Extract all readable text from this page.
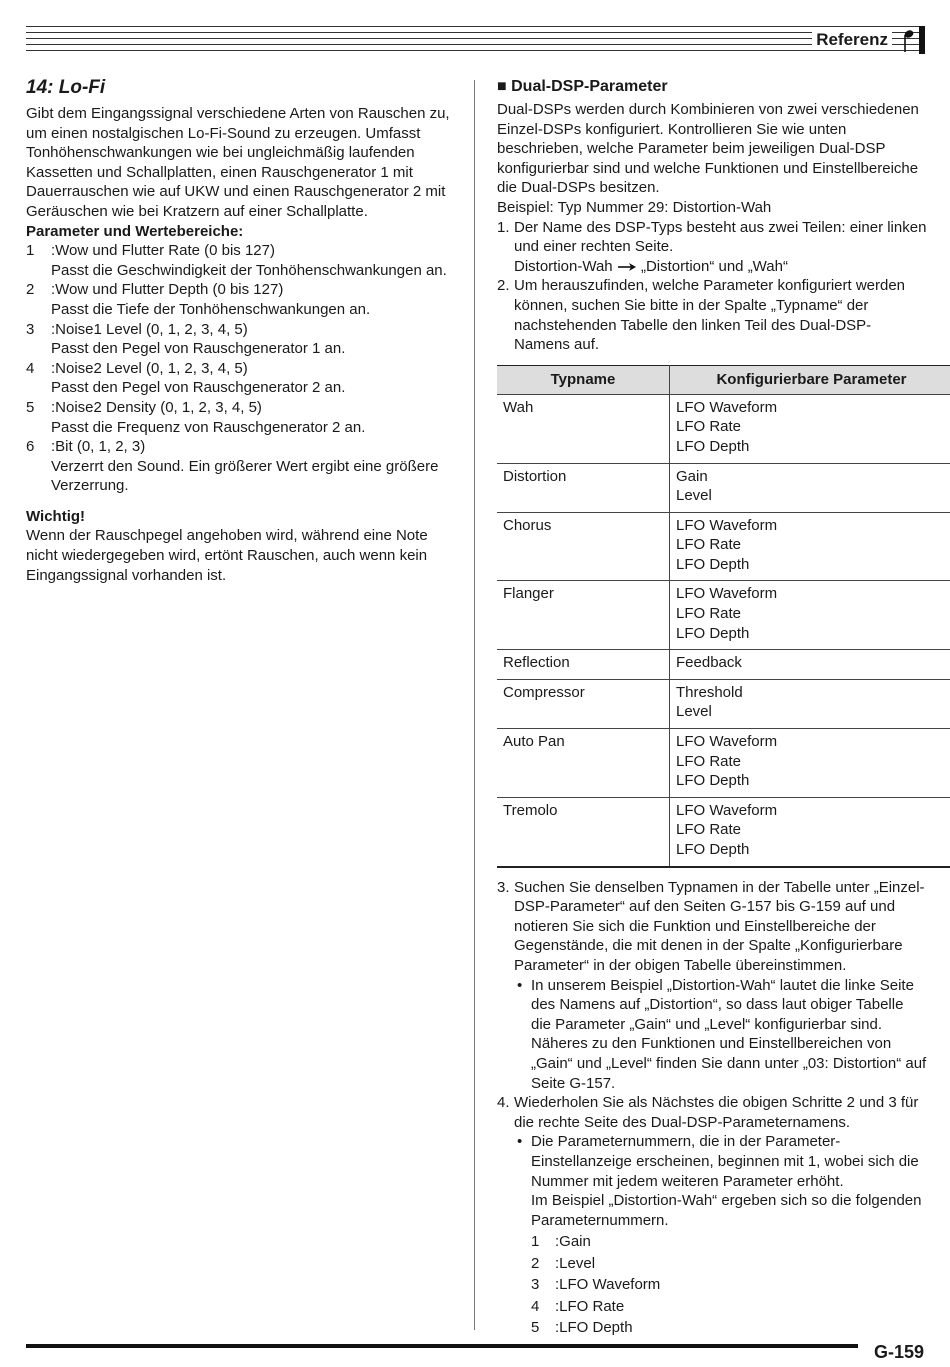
Referenz
14: Lo-Fi

Gibt dem Eingangssignal verschiedene Arten von Rauschen zu, um einen nostalgischen Lo-Fi-Sound zu erzeugen. Umfasst Tonhöhenschwankungen wie bei ungleichmäßig laufenden Kassetten und Schallplatten, einen Rauschgenerator 1 mit Dauerrauschen wie auf UKW und einen Rauschgenerator 2 mit Geräuschen wie bei Kratzern auf einer Schallplatte.

Parameter und Wertebereiche:

1	:Wow und Flutter Rate (0 bis 127)
Passt die Geschwindigkeit der Tonhöhenschwankungen an.
2	:Wow und Flutter Depth (0 bis 127)
Passt die Tiefe der Tonhöhenschwankungen an.
3	:Noise1 Level (0, 1, 2, 3, 4, 5)
Passt den Pegel von Rauschgenerator 1 an.
4	:Noise2 Level (0, 1, 2, 3, 4, 5)
Passt den Pegel von Rauschgenerator 2 an.
5	:Noise2 Density (0, 1, 2, 3, 4, 5)
Passt die Frequenz von Rauschgenerator 2 an.
6	:Bit (0, 1, 2, 3)
Verzerrt den Sound. Ein größerer Wert ergibt eine größere Verzerrung.

Wichtig!

Wenn der Rauschpegel angehoben wird, während eine Note nicht wiedergegeben wird, ertönt Rauschen, auch wenn kein Eingangssignal vorhanden ist.

■ Dual-DSP-Parameter

Dual-DSPs werden durch Kombinieren von zwei verschiedenen Einzel-DSPs konfiguriert. Kontrollieren Sie wie unten beschrieben, welche Parameter beim jeweiligen Dual-DSP konfigurierbar sind und welche Funktionen und Einstellbereiche die Dual-DSPs besitzen.

Beispiel: Typ Nummer 29: Distortion-Wah

1. Der Name des DSP-Typs besteht aus zwei Teilen: einer linken und einer rechten Seite.
Distortion-Wah „Distortion“ und „Wah“
2. Um herauszufinden, welche Parameter konfiguriert werden können, suchen Sie bitte in der Spalte „Typname“ der nachstehenden Tabelle den linken Teil des Dual-DSP-Namens auf.
Typname	Konfigurierbare Parameter
Wah	LFO Waveform
LFO Rate
LFO Depth
Distortion	Gain
Level
Chorus	LFO Waveform
LFO Rate
LFO Depth
Flanger	LFO Waveform
LFO Rate
LFO Depth
Reflection	Feedback
Compressor	Threshold
Level
Auto Pan	LFO Waveform
LFO Rate
LFO Depth
Tremolo	LFO Waveform
LFO Rate
LFO Depth
3. Suchen Sie denselben Typnamen in der Tabelle unter „Einzel-DSP-Parameter“ auf den Seiten G-157 bis G-159 auf und notieren Sie sich die Funktion und Einstellbereiche der Gegenstände, die mit denen in der Spalte „Konfigurierbare Parameter“ in der obigen Tabelle übereinstimmen.
• In unserem Beispiel „Distortion-Wah“ lautet die linke Seite des Namens auf „Distortion“, so dass laut obiger Tabelle die Parameter „Gain“ und „Level“ konfigurierbar sind. Näheres zu den Funktionen und Einstellbereichen von „Gain“ und „Level“ finden Sie dann unter „03: Distortion“ auf Seite G-157.
4. Wiederholen Sie als Nächstes die obigen Schritte 2 und 3 für die rechte Seite des Dual-DSP-Parameternamens.
• Die Parameternummern, die in der Parameter-Einstellanzeige erscheinen, beginnen mit 1, wobei sich die Nummer mit jedem weiteren Parameter erhöht.
Im Beispiel „Distortion-Wah“ ergeben sich so die folgenden Parameternummern.
1 :Gain
2 :Level
3 :LFO Waveform
4 :LFO Rate
5 :LFO Depth
G-159
